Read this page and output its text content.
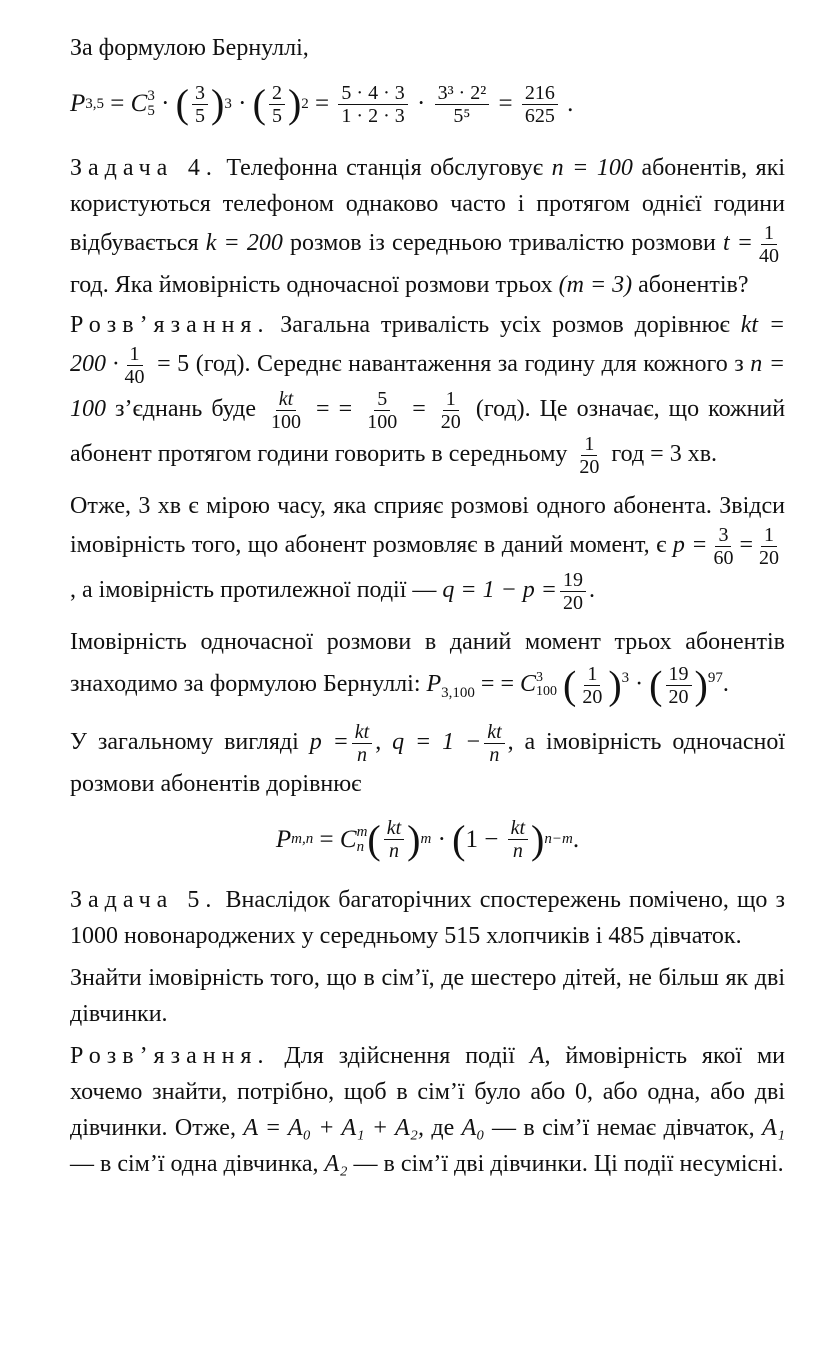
За формулою Бернуллі,

P 3,5
=
C 3
5
·
( $\frac{3}{5}$ ) 3 · ( $\frac{2}{5}$ ) $2 = \frac{5 \cdot 4 \cdot 3}{1 \cdot 2 \cdot 3} \cdot \frac{\text{3³ · 2²}}{\text{5⁵}} = \frac{216}{625}$
.

Задача 4. Телефонна станція обслуговує n = 100 абонентів, які користуються телефоном однаково часто і протягом однієї години відбувається k = 200 розмов із середньою тривалістю розмови $t = \frac{1}{40}$
год. Яка ймовірність одночасної розмови трьох (m = 3) абонентів?

Розв’язання. Загальна тривалість усіх розмов дорівнює kt = $200 \cdot \frac{1}{40} = 5$ (год). Середнє навантаження за годину для кожного з n = 100 з’єднань буде $\frac{kt}{100}$ = = $\frac{5}{100} = \frac{1}{20} (год)$. Це означає, що кожний абонент протягом години говорить в середньому $\frac{1}{20}$ год = 3 хв.

Отже, 3 хв є мірою часу, яка сприяє розмові одного абонента. Звідси імовірність того, що абонент розмовляє в даний момент, є $p = \frac{3}{60} = \frac{1}{20}$
, а імовірність протилежної події — $q = 1 - p = \frac{19}{20}$ .

Імовірність одночасної розмови в даний момент трьох абонентів знаходимо за формулою Бернуллі: $P_{3,100}$ = = C 3
100 ( $\frac{1}{20} )^3$ · ( $\frac{19}{20} )^{97}$.

У загальному вигляді $p = \frac{kt}{n}$ , $q = 1 - \frac{kt}{n}$ , а імовірність одночасної розмови абонентів дорівнює

P m,n
=
C m
n ( $\frac{kt}{n}$ ) m
·
( 1 −
$\frac{kt}{n}$ ) n−m .

Задача 5. Внаслідок багаторічних спостережень помічено, що з 1000 новонароджених у середньому 515 хлопчиків і 485 дівчаток.

Знайти імовірність того, що в сім’ї, де шестеро дітей, не більш як дві дівчинки.

Розв’язання. Для здійснення події A, ймовірність якої ми хочемо знайти, потрібно, щоб в сім’ї було або 0, або одна, або дві дівчинки. Отже, A = A₀ + A₁ + A₂, де A₀ — в сім’ї немає дівчаток, A₁ — в сім’ї одна дівчинка, A₂ — в сім’ї дві дівчинки. Ці події несумісні.
